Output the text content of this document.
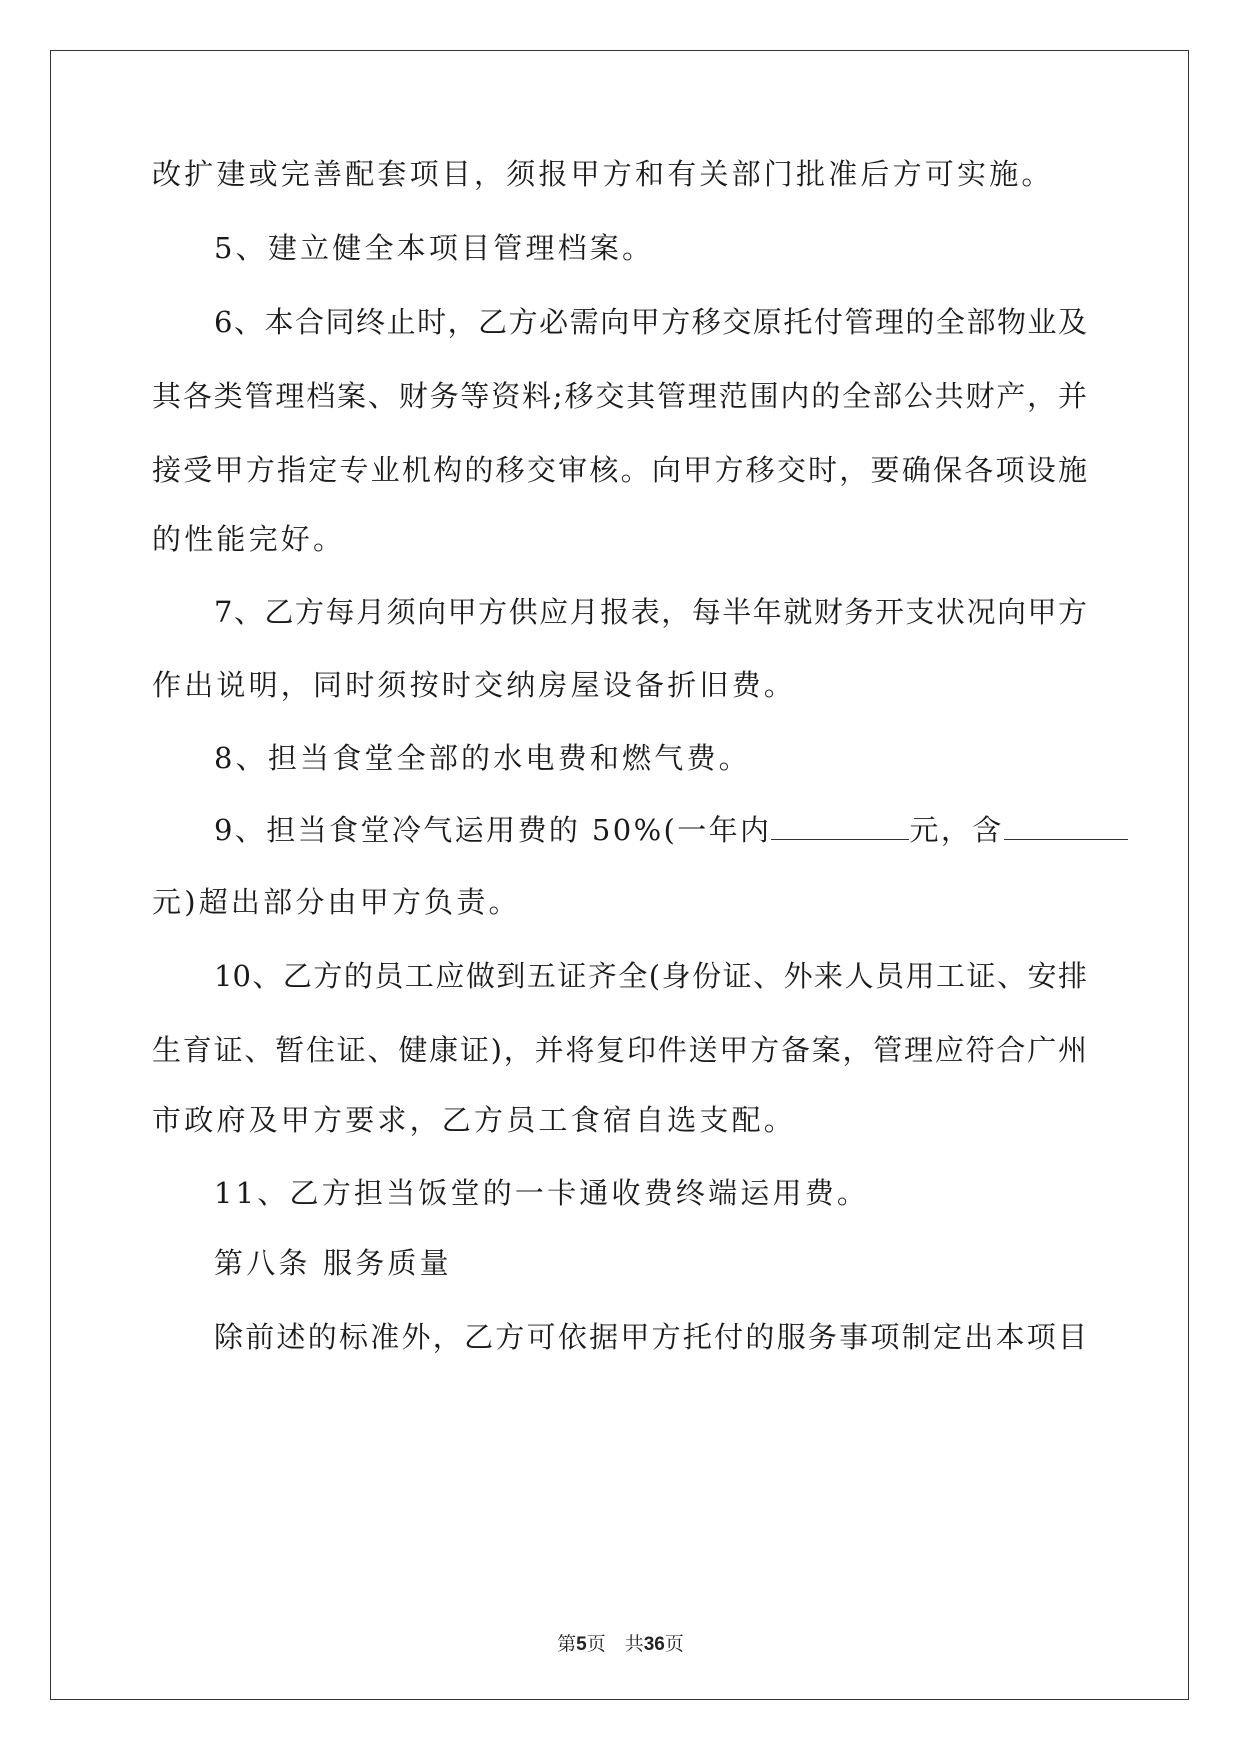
改扩建或完善配套项目，须报甲方和有关部门批准后方可实施。
5、建立健全本项目管理档案。
6、本合同终止时，乙方必需向甲方移交原托付管理的全部物业及
其各类管理档案、财务等资料;移交其管理范围内的全部公共财产，并
接受甲方指定专业机构的移交审核。向甲方移交时，要确保各项设施
的性能完好。
7、乙方每月须向甲方供应月报表，每半年就财务开支状况向甲方
作出说明，同时须按时交纳房屋设备折旧费。
8、担当食堂全部的水电费和燃气费。
9、担当食堂冷气运用费的 50%(一年内	元，含
元)超出部分由甲方负责。
10、乙方的员工应做到五证齐全(身份证、外来人员用工证、安排
生育证、暂住证、健康证)，并将复印件送甲方备案，管理应符合广州
市政府及甲方要求，乙方员工食宿自选支配。
11、乙方担当饭堂的一卡通收费终端运用费。
第八条 服务质量
除前述的标准外，乙方可依据甲方托付的服务事项制定出本项目
第5页 共36页
